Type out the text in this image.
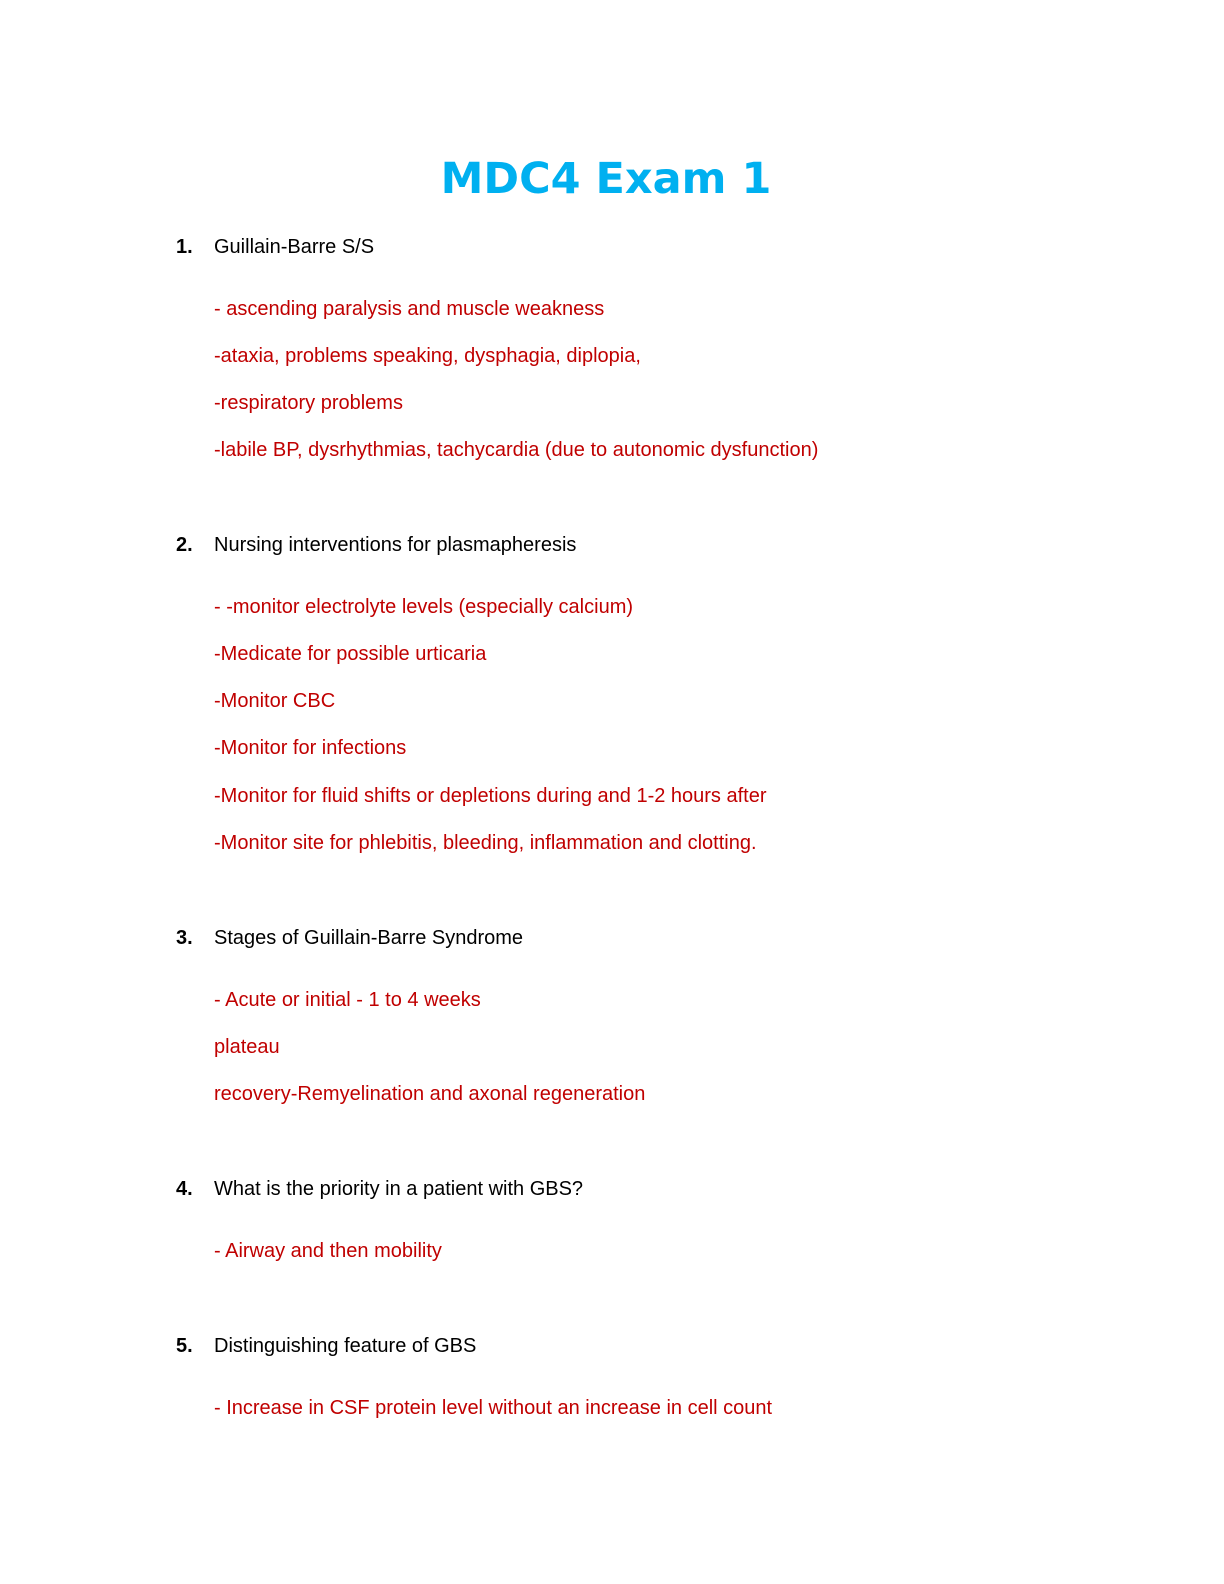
MDC4 Exam 1
1. Guillain-Barre S/S
- ascending paralysis and muscle weakness
-ataxia, problems speaking, dysphagia, diplopia,
-respiratory problems
-labile BP, dysrhythmias, tachycardia (due to autonomic dysfunction)
2. Nursing interventions for plasmapheresis
- -monitor electrolyte levels (especially calcium)
-Medicate for possible urticaria
-Monitor CBC
-Monitor for infections
-Monitor for fluid shifts or depletions during and 1-2 hours after
-Monitor site for phlebitis, bleeding, inflammation and clotting.
3. Stages of Guillain-Barre Syndrome
- Acute or initial - 1 to 4 weeks
plateau
recovery-Remyelination and axonal regeneration
4. What is the priority in a patient with GBS?
- Airway and then mobility
5. Distinguishing feature of GBS
- Increase in CSF protein level without an increase in cell count
